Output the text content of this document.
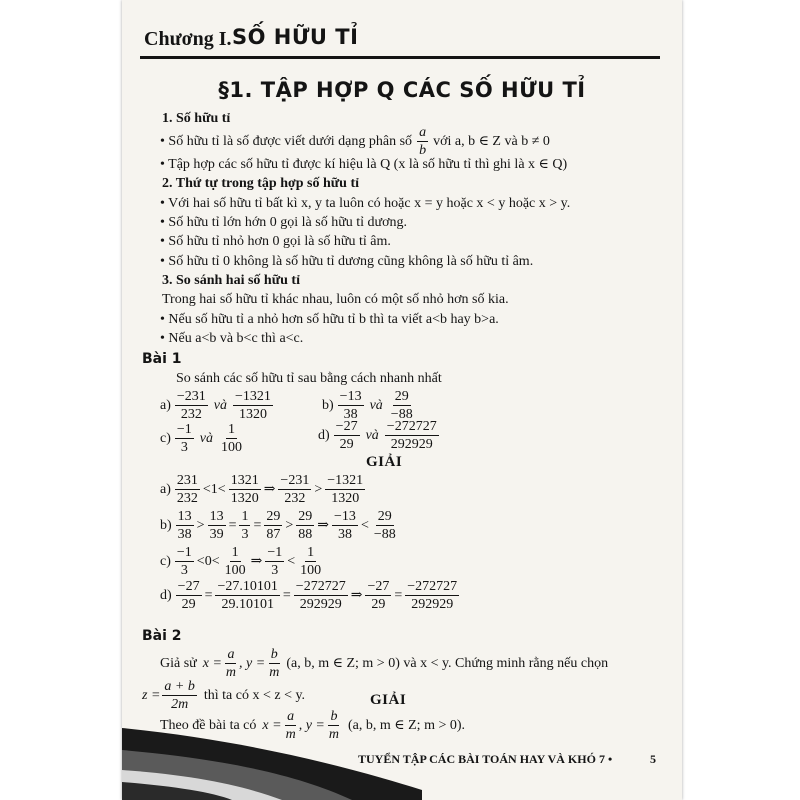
Chương I. SỐ HỮU TỈ
§1. TẬP HỢP Q CÁC SỐ HỮU TỈ
1. Số hữu tỉ
• Số hữu tỉ là số được viết dưới dạng phân số $\frac{a}{b}$ với a, b ∈ Z và b ≠ 0
• Tập hợp các số hữu tỉ được kí hiệu là Q (x là số hữu tỉ thì ghi là x ∈ Q)
2. Thứ tự trong tập hợp số hữu tỉ
• Với hai số hữu tỉ bất kì x, y ta luôn có hoặc x = y hoặc x < y hoặc x > y.
• Số hữu tỉ lớn hớn 0 gọi là số hữu tỉ dương.
• Số hữu tỉ nhỏ hơn 0 gọi là số hữu tỉ âm.
• Số hữu tỉ 0 không là số hữu tỉ dương cũng không là số hữu tỉ âm.
3. So sánh hai số hữu tỉ
Trong hai số hữu tỉ khác nhau, luôn có một số nhỏ hơn số kia.
• Nếu số hữu tỉ a nhỏ hơn số hữu tỉ b thì ta viết a<b hay b>a.
• Nếu a<b và b<c thì a<c.
Bài 1
So sánh các số hữu tỉ sau bằng cách nhanh nhất
$a) \frac{-231}{232}$ và $\frac{-1321}{1320}$	$b) \frac{-13}{38}$ và $\frac{29}{-88}$
$c) \frac{-1}{3}$ và $\frac{1}{100}$	$d) \frac{-27}{29}$ và $\frac{-272727}{292929}$
GIẢI
$a) \frac{231}{232} <1< \frac{1321}{1320}$ ⇒ $\frac{-231}{232} > \frac{-1321}{1320}$
$b) \frac{13}{38} > \frac{13}{39} = \frac{1}{3} = \frac{29}{87} > \frac{29}{88}$ ⇒ $\frac{-13}{38} < \frac{29}{-88}$
$c) \frac{-1}{3} <0< \frac{1}{100}$ ⇒ $\frac{-1}{3} < \frac{1}{100}$
$d) \frac{-27}{29} = \frac{-27.10101}{29.10101} = \frac{-272727}{292929}$ ⇒ $\frac{-27}{29} = \frac{-272727}{292929}$
Bài 2
Giả sử $x = \frac{a}{m}$ , $y = \frac{b}{m} (a$, b, m ∈ Z; m > 0) và x < y. Chứng minh rằng nếu chọn
$z = \frac{a + b}{2m}$ thì ta có x < z < y.	GIẢI
Theo đề bài ta có $x = \frac{a}{m}$ , $y = \frac{b}{m} (a$, b, m ∈ Z; m > 0).
TUYỂN TẬP CÁC BÀI TOÁN HAY VÀ KHÓ 7 •	5
